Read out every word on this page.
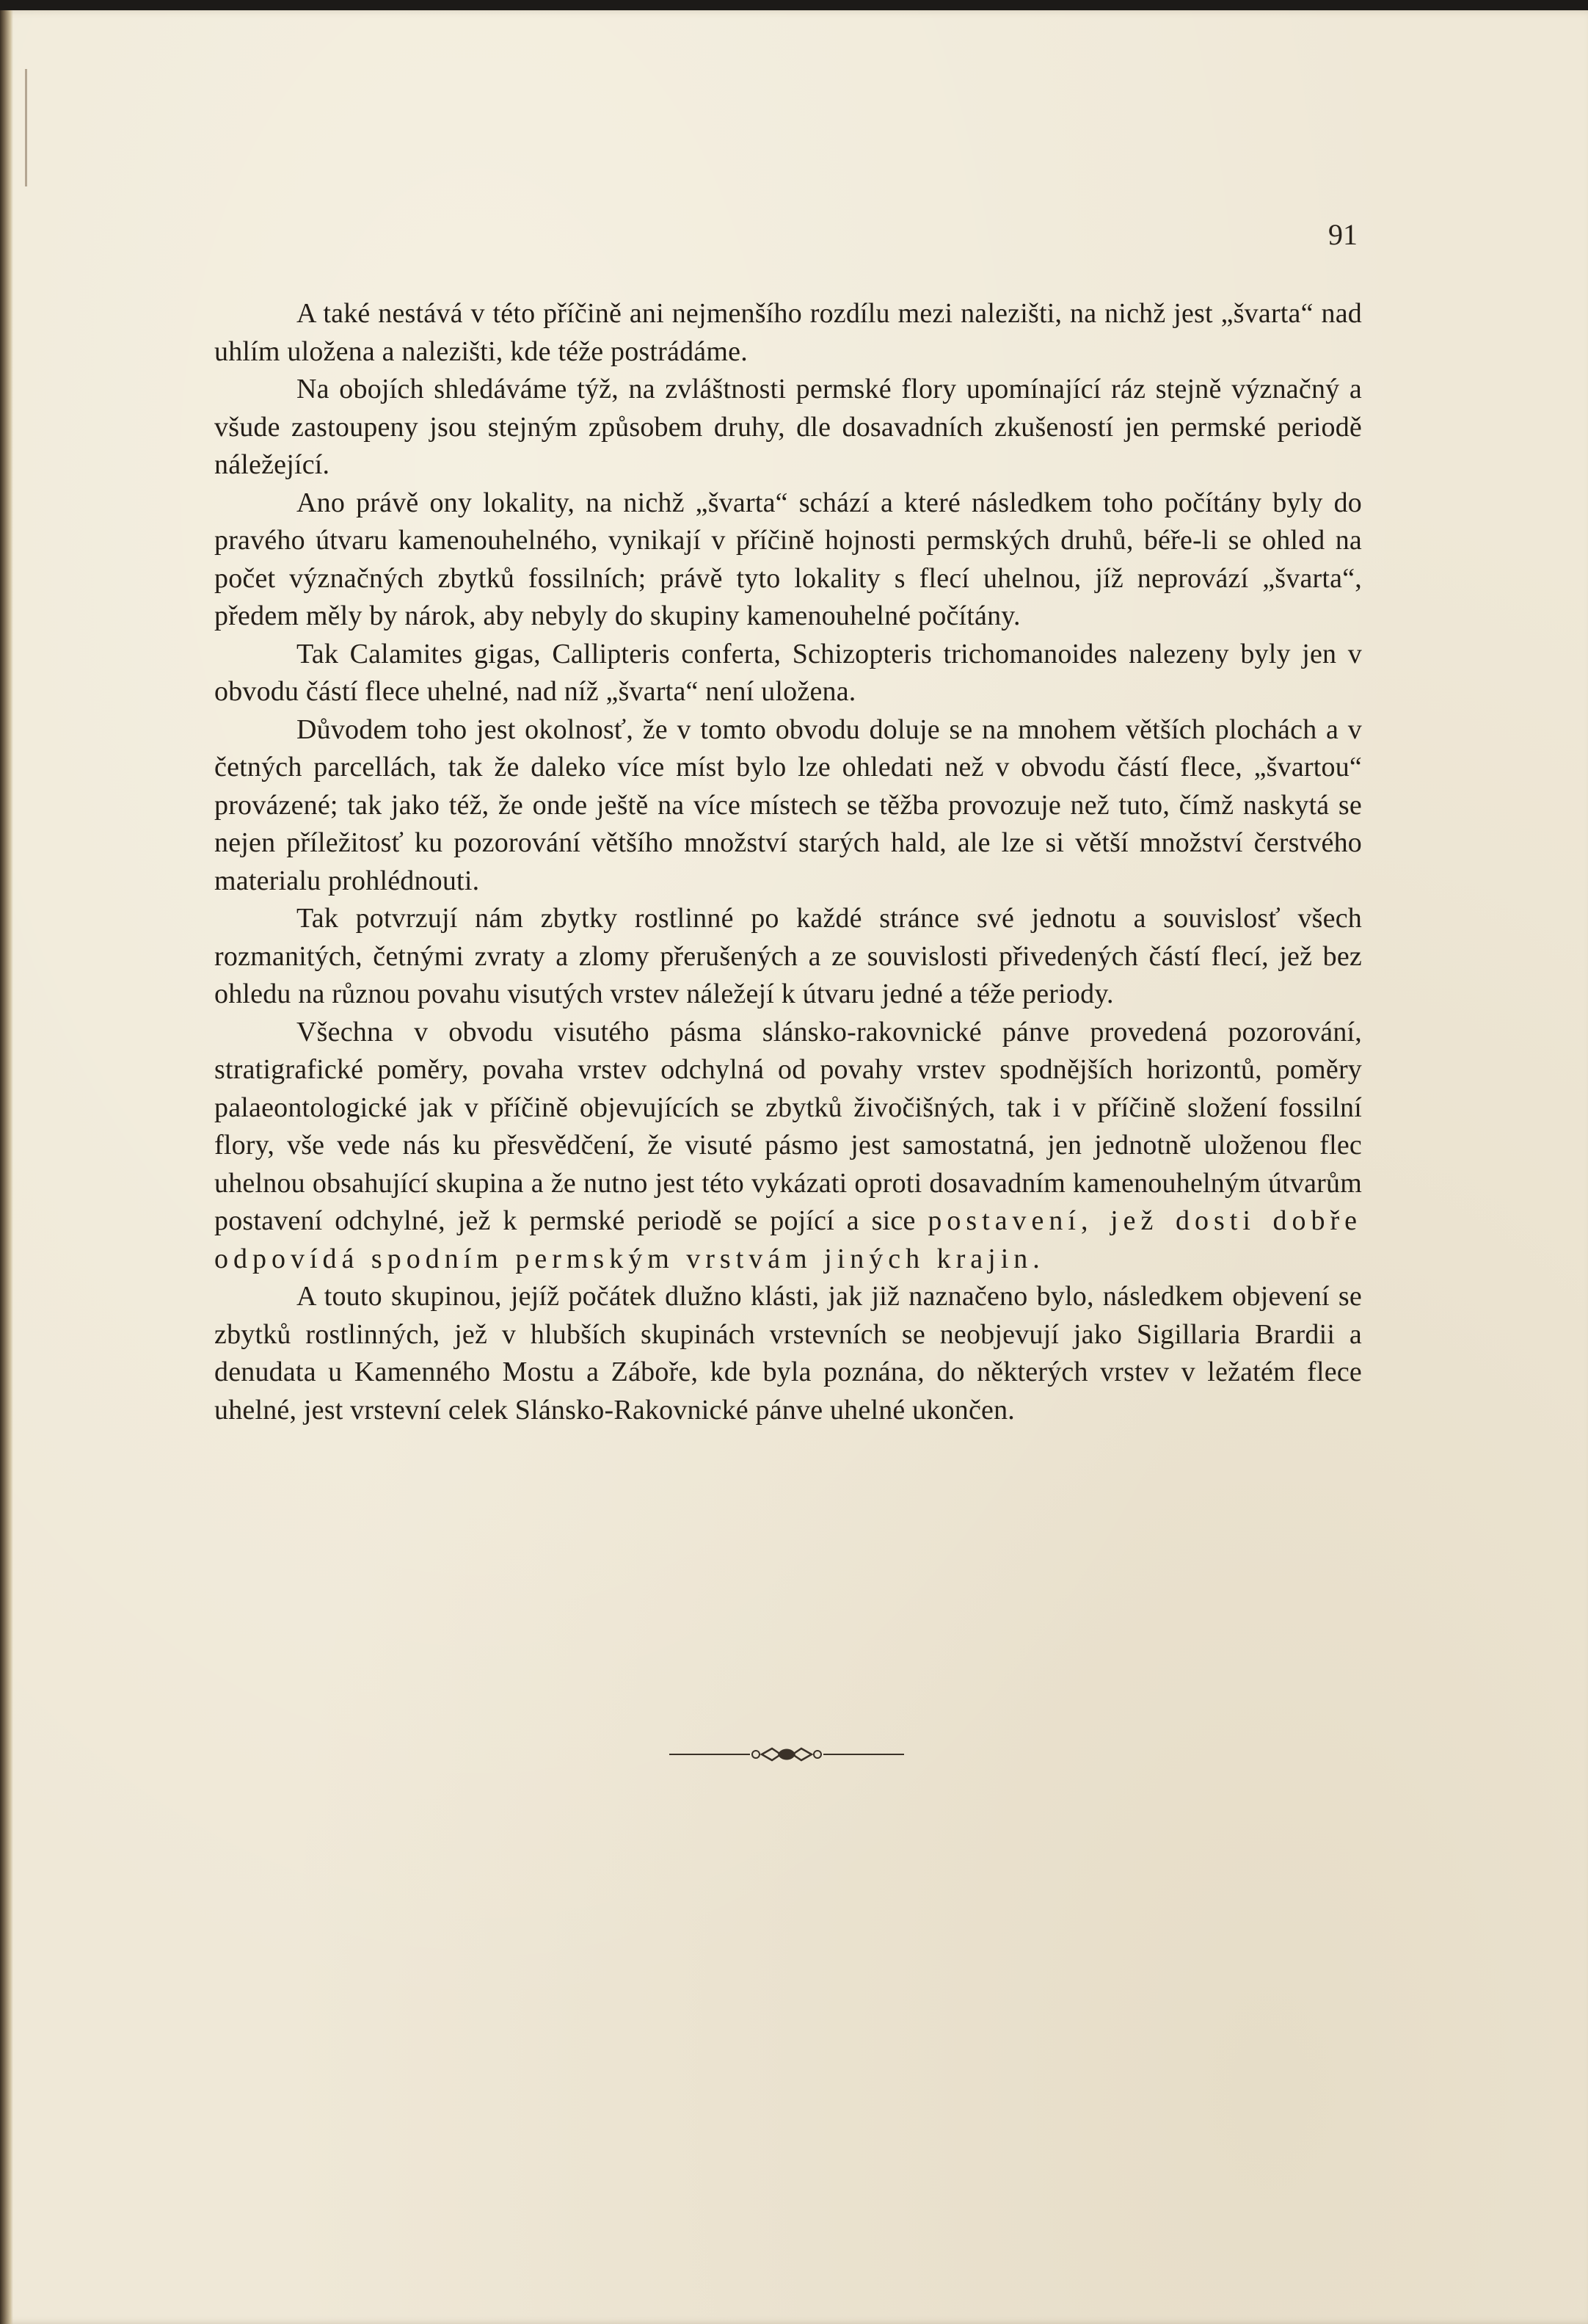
91

A také nestává v této příčině ani nejmenšího rozdílu mezi nalezišti, na nichž jest „švarta“ nad uhlím uložena a nalezišti, kde téže postrádáme.

Na obojích shledáváme týž, na zvláštnosti permské flory upomínající ráz stejně význačný a všude zastoupeny jsou stejným způsobem druhy, dle dosavadních zkušeností jen permské periodě náležející.

Ano právě ony lokality, na nichž „švarta“ schází a které následkem toho počítány byly do pravého útvaru kamenouhelného, vynikají v příčině hojnosti permských druhů, béře-li se ohled na počet význačných zbytků fossilních; právě tyto lokality s flecí uhelnou, jíž neprovází „švarta“, předem měly by nárok, aby nebyly do skupiny kamenouhelné počítány.

Tak Calamites gigas, Callipteris conferta, Schizopteris trichomanoides nalezeny byly jen v obvodu částí flece uhelné, nad níž „švarta“ není uložena.

Důvodem toho jest okolnosť, že v tomto obvodu doluje se na mnohem větších plochách a v četných parcellách, tak že daleko více míst bylo lze ohledati než v obvodu částí flece, „švartou“ provázené; tak jako též, že onde ještě na více místech se těžba provozuje než tuto, čímž naskytá se nejen příležitosť ku pozorování většího množství starých hald, ale lze si větší množství čerstvého materialu prohlédnouti.

Tak potvrzují nám zbytky rostlinné po každé stránce své jednotu a souvislosť všech rozmanitých, četnými zvraty a zlomy přerušených a ze souvislosti přivedených částí flecí, jež bez ohledu na různou povahu visutých vrstev náležejí k útvaru jedné a téže periody.

Všechna v obvodu visutého pásma slánsko-rakovnické pánve provedená pozorování, stratigrafické poměry, povaha vrstev odchylná od povahy vrstev spodnějších horizontů, poměry palaeontologické jak v příčině objevujících se zbytků živočišných, tak i v příčině složení fossilní flory, vše vede nás ku přesvědčení, že visuté pásmo jest samostatná, jen jednotně uloženou flec uhelnou obsahující skupina a že nutno jest této vykázati oproti dosavadním kamenouhelným útvarům postavení odchylné, jež k permské periodě se pojící a sice postavení, jež dosti dobře odpovídá spodním permským vrstvám jiných krajin.

A touto skupinou, jejíž počátek dlužno klásti, jak již naznačeno bylo, následkem objevení se zbytků rostlinných, jež v hlubších skupinách vrstevních se neobjevují jako Sigillaria Brardii a denudata u Kamenného Mostu a Záboře, kde byla poznána, do některých vrstev v ležatém flece uhelné, jest vrstevní celek Slánsko-Rakovnické pánve uhelné ukončen.
